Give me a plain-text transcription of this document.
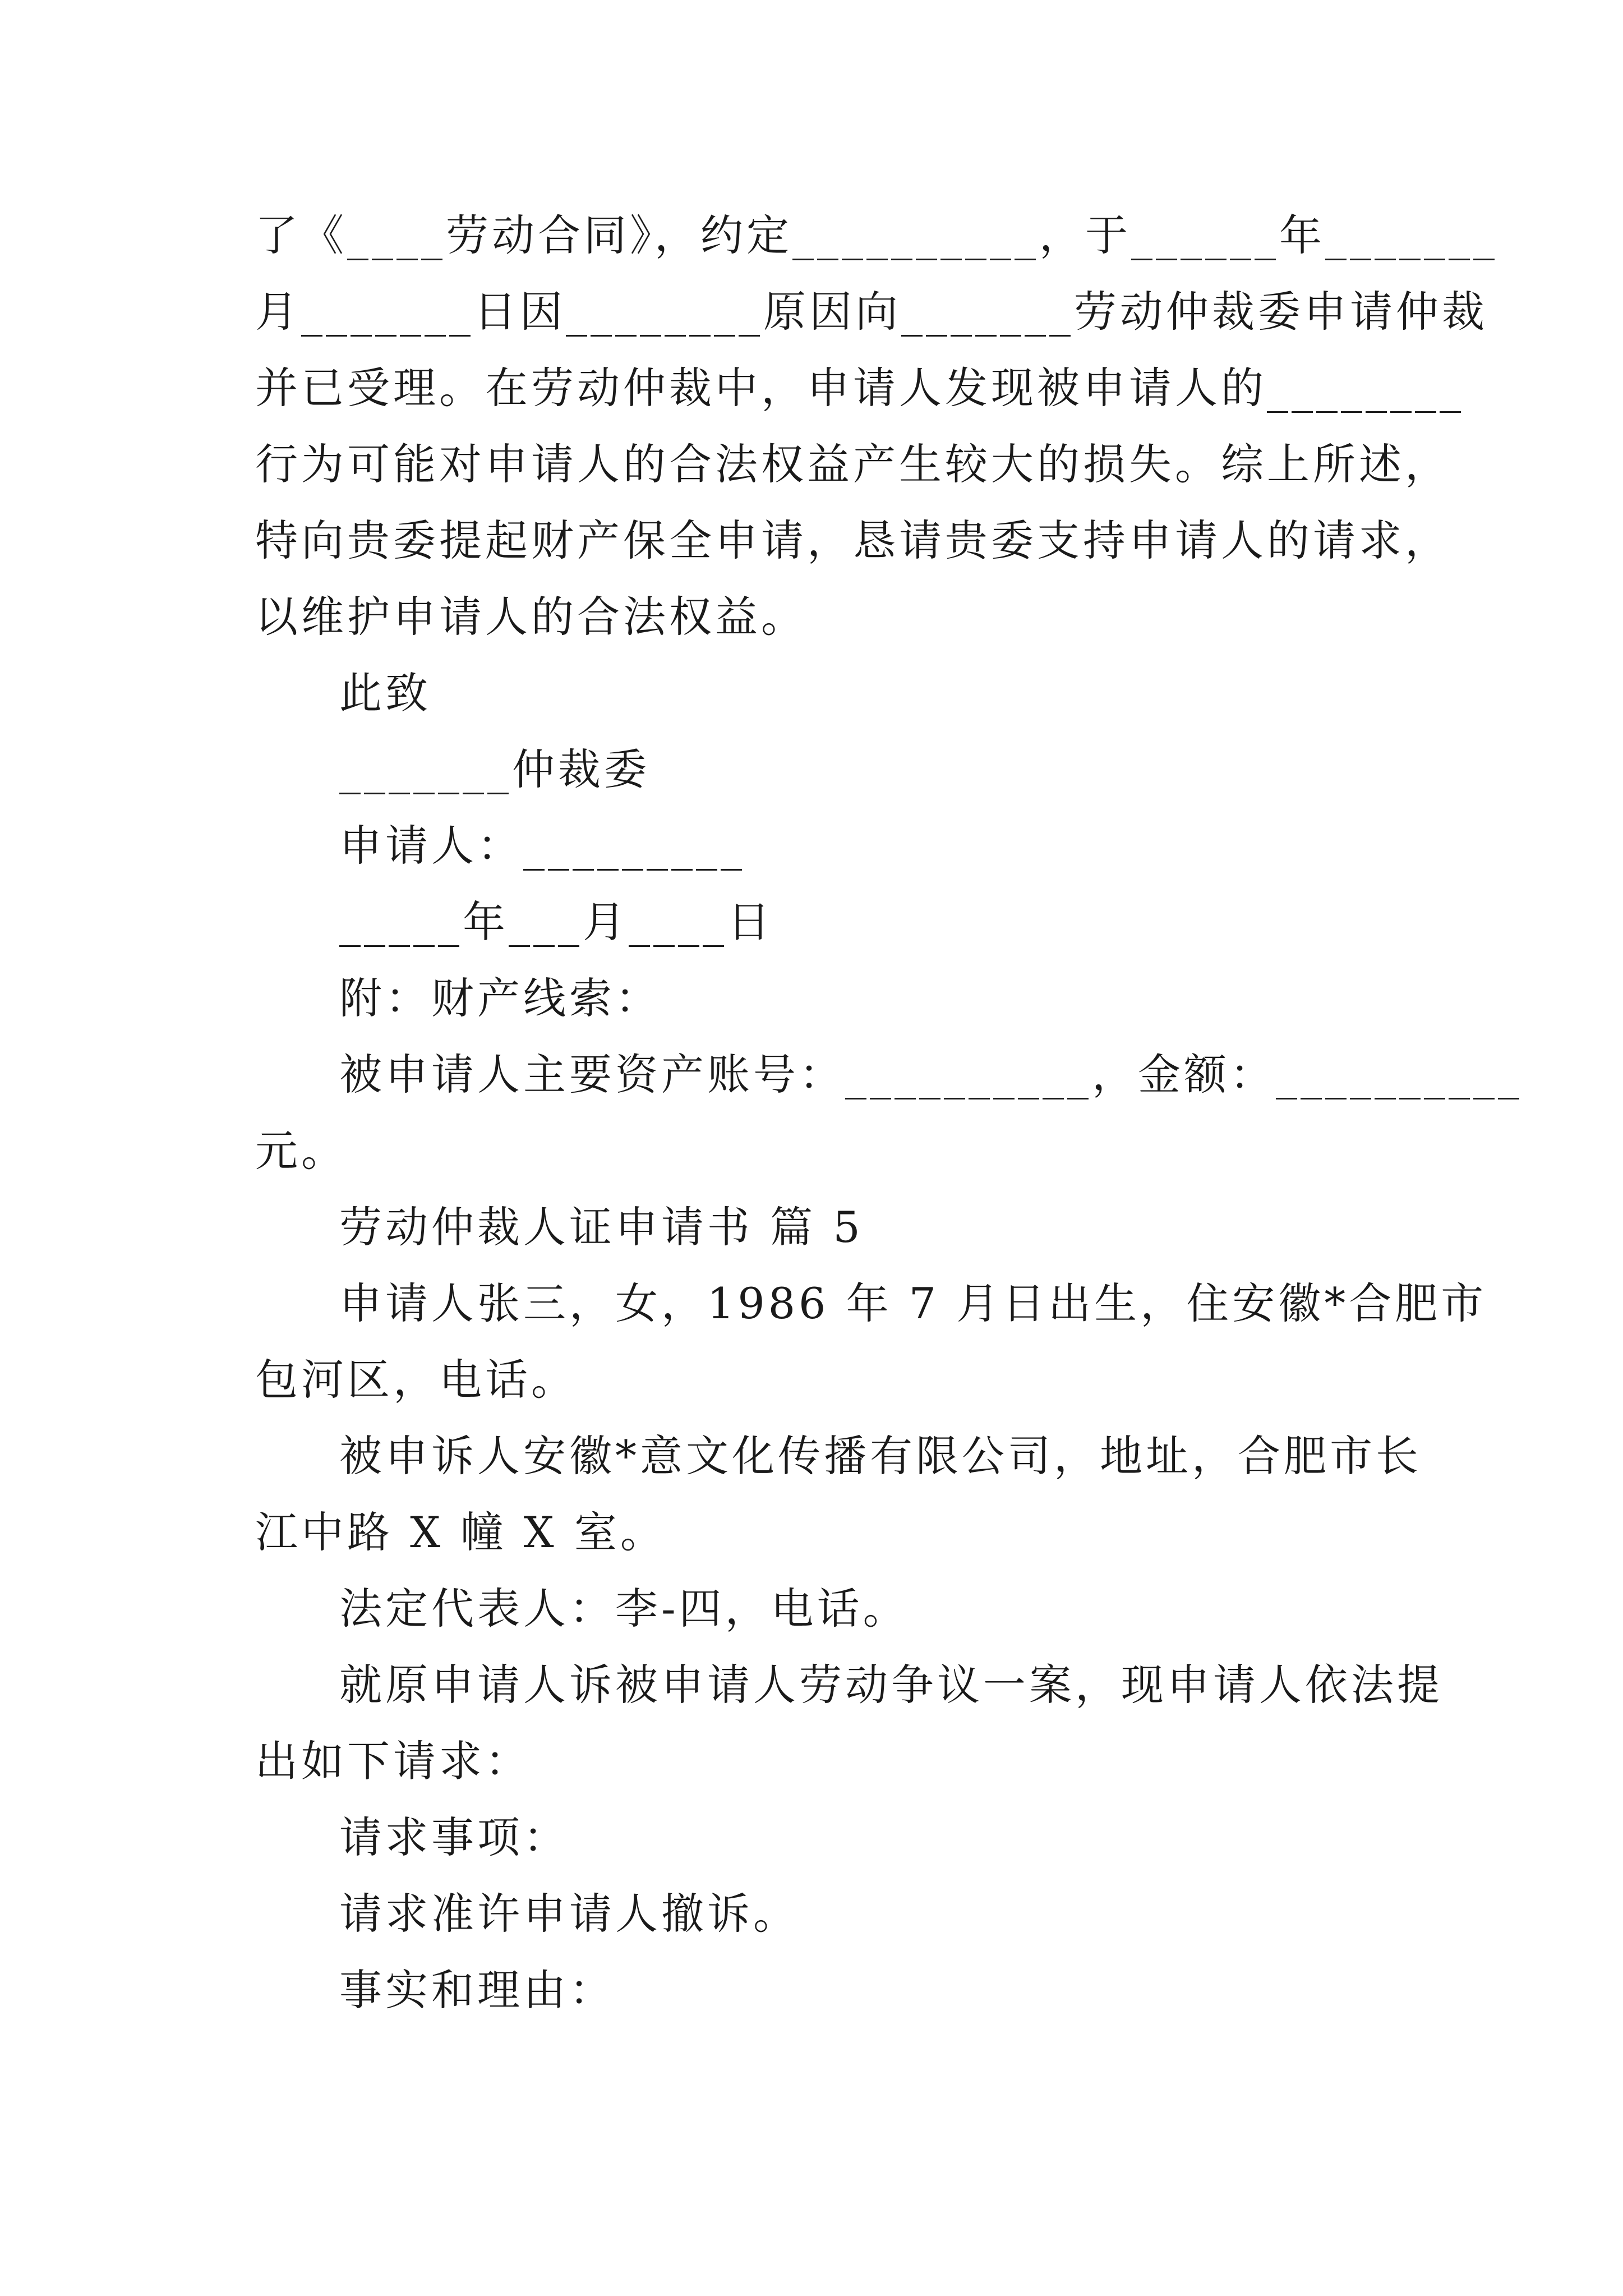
了《____劳动合同》，约定__________，于______年_______
月_______日因________原因向_______劳动仲裁委申请仲裁
并已受理。在劳动仲裁中，申请人发现被申请人的________
行为可能对申请人的合法权益产生较大的损失。综上所述，
特向贵委提起财产保全申请，恳请贵委支持申请人的请求，
以维护申请人的合法权益。
此致
_______仲裁委
申请人：_________
_____年___月____日
附：财产线索：
被申请人主要资产账号：__________，金额：__________
元。
劳动仲裁人证申请书 篇 5
申请人张三，女，1986 年 7 月日出生，住安徽*合肥市
包河区，电话。
被申诉人安徽*意文化传播有限公司，地址，合肥市长
江中路 X 幢 X 室。
法定代表人：李-四，电话。
就原申请人诉被申请人劳动争议一案，现申请人依法提
出如下请求：
请求事项：
请求准许申请人撤诉。
事实和理由：
